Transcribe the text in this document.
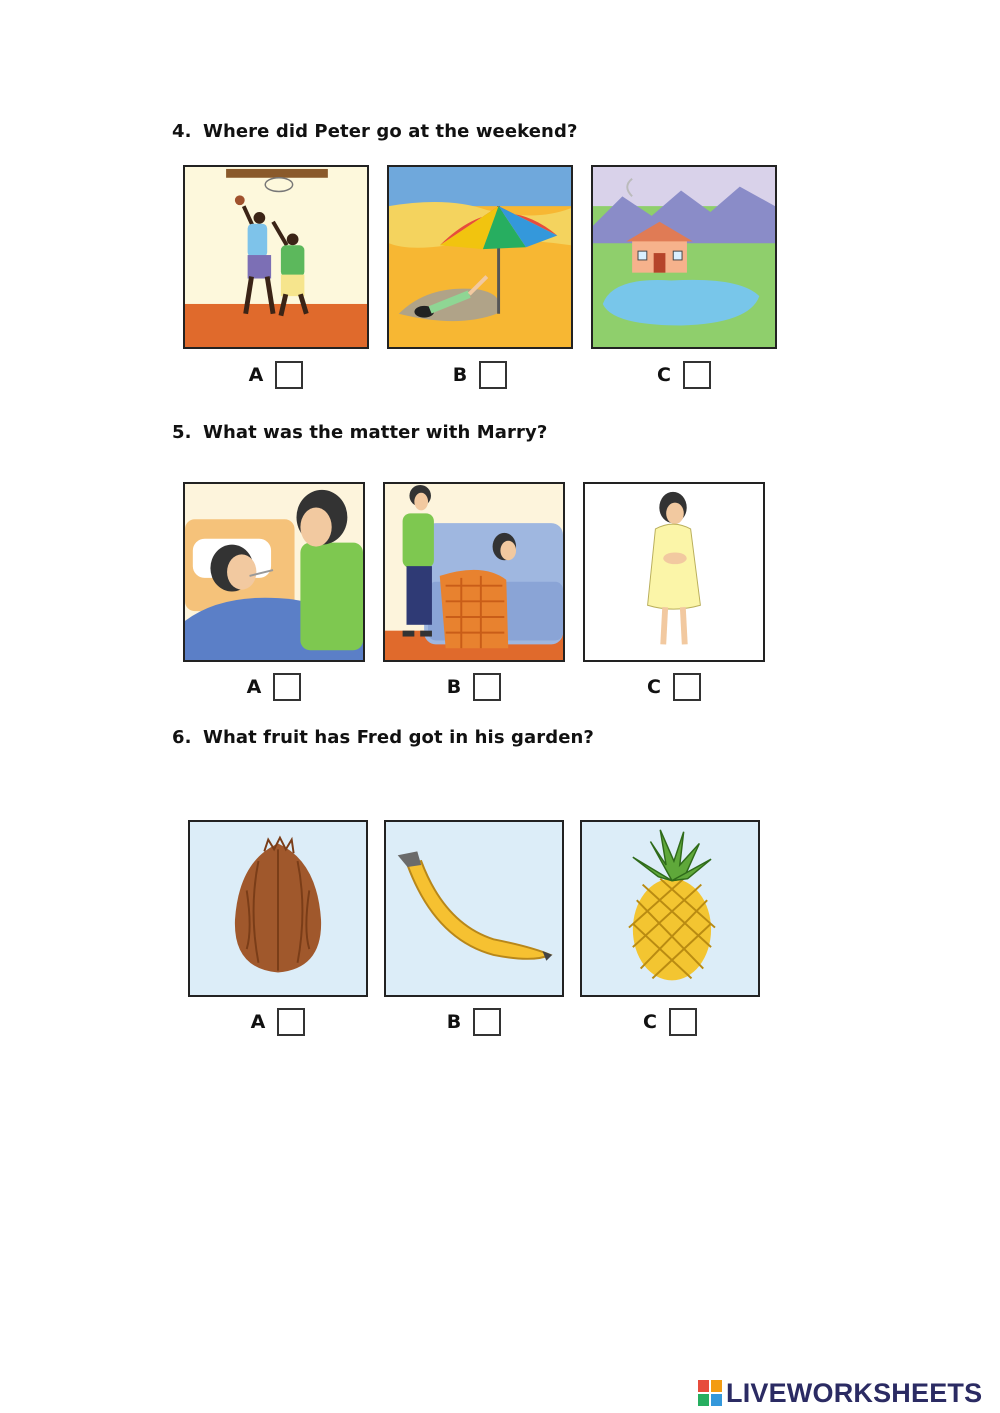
4. Where did Peter go at the weekend?
A	B	C
5. What was the matter with Marry?
A	B	C
6. What fruit has Fred got in his garden?
A	B	C
LIVEWORKSHEETS
